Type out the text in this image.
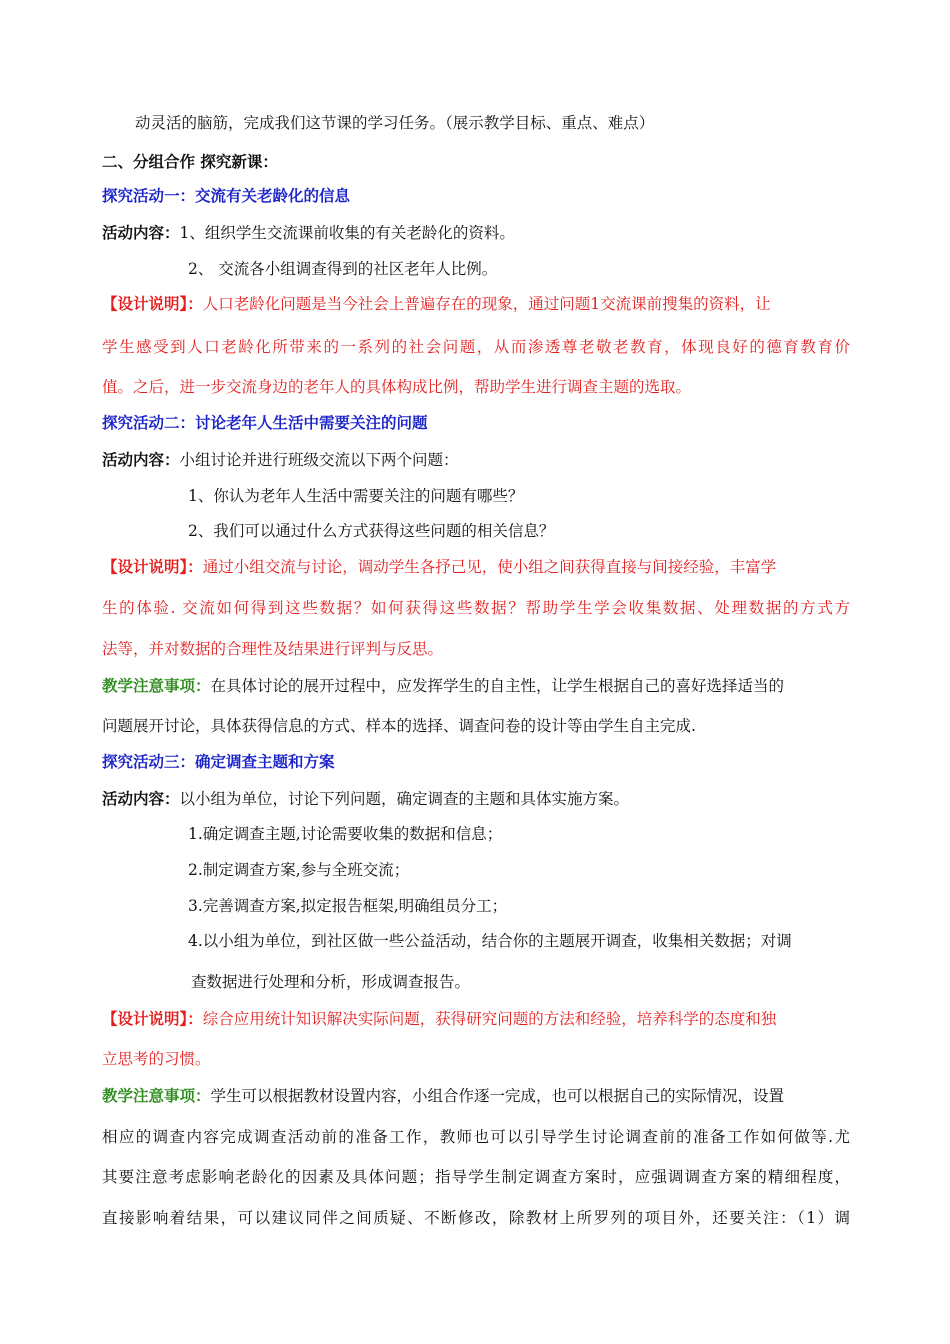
动灵活的脑筋，完成我们这节课的学习任务。（展示教学目标、重点、难点）
二、分组合作 探究新课：
探究活动一：交流有关老龄化的信息
活动内容：1、组织学生交流课前收集的有关老龄化的资料。
2、 交流各小组调查得到的社区老年人比例。
【设计说明】：人口老龄化问题是当今社会上普遍存在的现象，通过问题1交流课前搜集的资料，让
学生感受到人口老龄化所带来的一系列的社会问题，从而渗透尊老敬老教育，体现良好的德育教育价
值。之后，进一步交流身边的老年人的具体构成比例，帮助学生进行调查主题的选取。
探究活动二：讨论老年人生活中需要关注的问题
活动内容：小组讨论并进行班级交流以下两个问题：
1、你认为老年人生活中需要关注的问题有哪些？
2、我们可以通过什么方式获得这些问题的相关信息？
【设计说明】：通过小组交流与讨论，调动学生各抒己见，使小组之间获得直接与间接经验，丰富学
生的体验. 交流如何得到这些数据？如何获得这些数据？帮助学生学会收集数据、处理数据的方式方
法等，并对数据的合理性及结果进行评判与反思。
教学注意事项：在具体讨论的展开过程中，应发挥学生的自主性，让学生根据自己的喜好选择适当的
问题展开讨论，具体获得信息的方式、样本的选择、调查问卷的设计等由学生自主完成.
探究活动三：确定调查主题和方案
活动内容：以小组为单位，讨论下列问题，确定调查的主题和具体实施方案。
1.确定调查主题,讨论需要收集的数据和信息；
2.制定调查方案,参与全班交流；
3.完善调查方案,拟定报告框架,明确组员分工；
4.以小组为单位，到社区做一些公益活动，结合你的主题展开调查，收集相关数据；对调
查数据进行处理和分析，形成调查报告。
【设计说明】：综合应用统计知识解决实际问题，获得研究问题的方法和经验，培养科学的态度和独
立思考的习惯。
教学注意事项：学生可以根据教材设置内容，小组合作逐一完成，也可以根据自己的实际情况，设置
相应的调查内容完成调查活动前的准备工作，教师也可以引导学生讨论调查前的准备工作如何做等.尤
其要注意考虑影响老龄化的因素及具体问题；指导学生制定调查方案时，应强调调查方案的精细程度，
直接影响着结果，可以建议同伴之间质疑、不断修改，除教材上所罗列的项目外，还要关注：（1）调
